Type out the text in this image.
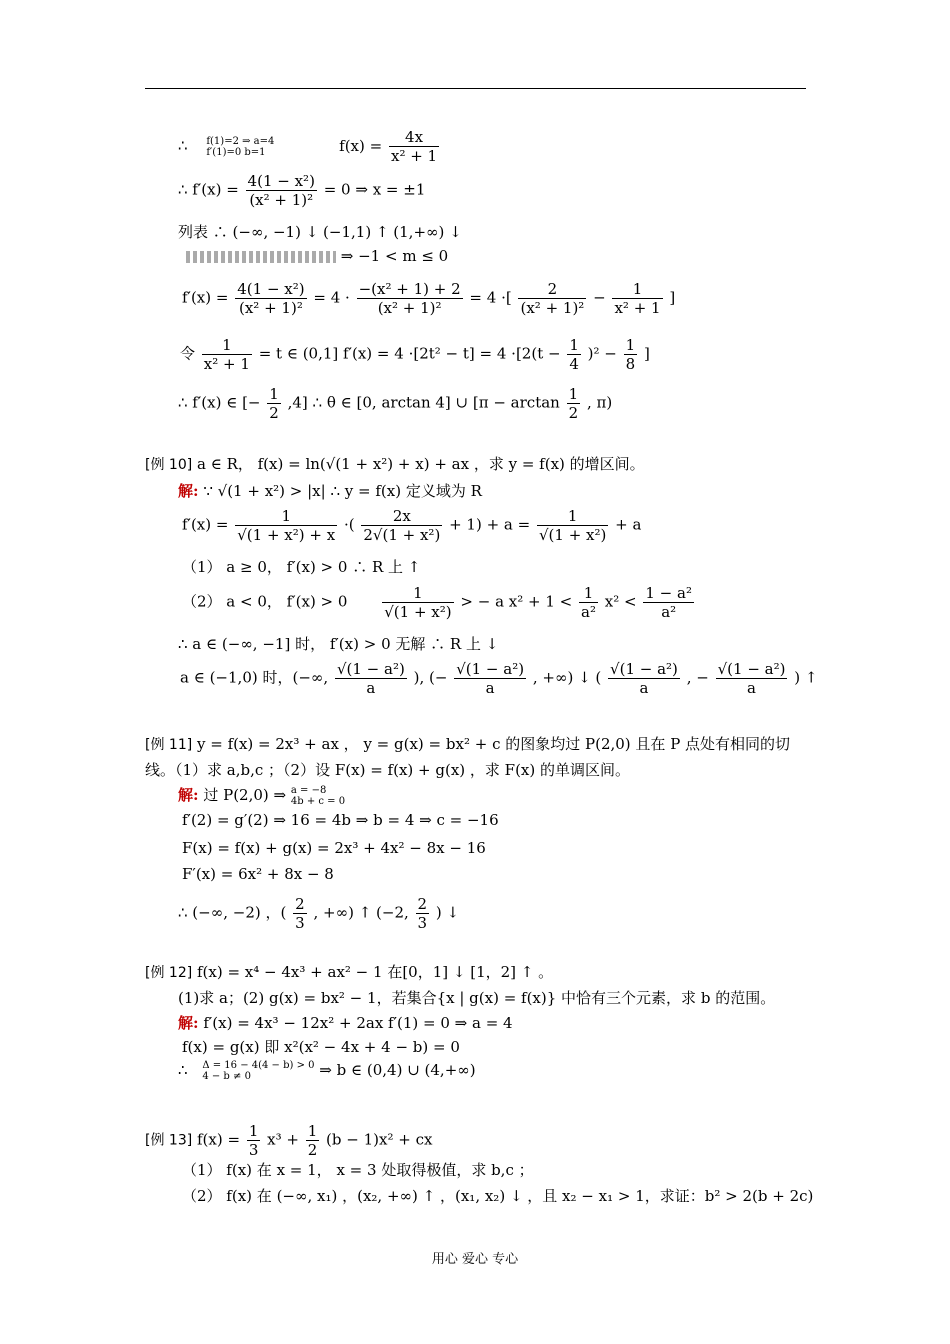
∴ f(1)=2 ⇒ a=4
f′(1)=0 b=1	$f(x) = \frac{4x}{\text{x² + 1}}$
∴ $f'(x) = \frac{\text{4(1 − x²)}}{\text{(x² + 1)²}} = 0$ ⇒ x = ±1
列表 ∴ (−∞, −1) ↓ (−1,1) ↑ (1,+∞) ↓
⇒ −1 < m ≤ 0
$f'(x) = \frac{\text{4(1 − x²)}}{\text{(x² + 1)²}} = 4 \cdot \frac{\text{−(x² + 1) + 2}}{\text{(x² + 1)²}} = 4$ ·[ $\frac{2}{\text{(x² + 1)²}} - \frac{1}{\text{x² + 1}}$ ]
令 $\frac{1}{\text{x² + 1}} = t$ ∈ (0,1] $f'(x) = 4 \cdot[2t^2 - t] = 4 \cdot[2(t - \frac{1}{4} )^2 - \frac{1}{8}$ ]
∴ f′(x) ∈ [− $\frac{1}{2} ,4$] ∴ θ ∈ [0, arctan 4] ∪ [$\pi - \arctan \frac{1}{2}$ , π)
[例 10] a ∈ R， f(x) = ln(√(1 + x²) + x) + ax ，求 y = f(x) 的增区间。
解: ∵ √(1 + x²) > |x| ∴ y = f(x) 定义域为 R
$f'(x) = \frac{1}{\text{√(1 + x²) + x}}$ ·( $\frac{2x}{\text{2√(1 + x²)}} + 1) + a = \frac{1}{\text{√(1 + x²)}} + a$
（1） a ≥ 0， f′(x) > 0 ∴ R 上 ↑
（2） a < 0， $f'(x) > 0 \frac{1}{\text{√(1 + x²)}}$ > − a $x^2 + 1 < \frac{1}{\text{a²}} x^2 < \frac{\text{1 − a²}}{\text{a²}}$
∴ a ∈ (−∞, −1] 时， f′(x) > 0 无解 ∴ R 上 ↓
a ∈ (−1,0) 时，(−∞, $\frac{\text{√(1 − a²)}}{a}$ ), (− $\frac{\text{√(1 − a²)}}{a}$ , +∞) ↓ ( $\frac{\text{√(1 − a²)}}{a}$ , − $\frac{\text{√(1 − a²)}}{a}$ ) ↑
[例 11] y = f(x) = 2x³ + ax ， y = g(x) = bx² + c 的图象均过 P(2,0) 且在 P 点处有相同的切
线。（1）求 a,b,c ；（2）设 F(x) = f(x) + g(x) ，求 F(x) 的单调区间。
解: 过 P(2,0) ⇒ a = −8
4b + c = 0
f′(2) = g′(2) ⇒ 16 = 4b ⇒ b = 4 ⇒ c = −16
F(x) = f(x) + g(x) = 2x³ + 4x² − 8x − 16
F′(x) = 6x² + 8x − 8
∴ (−∞, −2) ，( $\frac{2}{3}$ , +∞) ↑ (−2, $\frac{2}{3}$ ) ↓
[例 12] f(x) = x⁴ − 4x³ + ax² − 1 在[0，1] ↓ [1，2] ↑ 。
(1)求 a；(2) g(x) = bx² − 1，若集合{x | g(x) = f(x)} 中恰有三个元素，求 b 的范围。
解: f′(x) = 4x³ − 12x² + 2ax f′(1) = 0 ⇒ a = 4
f(x) = g(x) 即 x²(x² − 4x + 4 − b) = 0
∴ Δ = 16 − 4(4 − b) > 0
4 − b ≠ 0	⇒ b ∈ (0,4) ∪ (4,+∞)
[例 13] $f(x) = \frac{1}{3} x^3 + \frac{1}{2} (b - 1)x^2$ + cx
（1） f(x) 在 x = 1， x = 3 处取得极值，求 b,c ；
（2） f(x) 在 (−∞, x₁) ，(x₂, +∞) ↑ ，(x₁, x₂) ↓ ，且 x₂ − x₁ > 1，求证：b² > 2(b + 2c)
用心 爱心 专心
